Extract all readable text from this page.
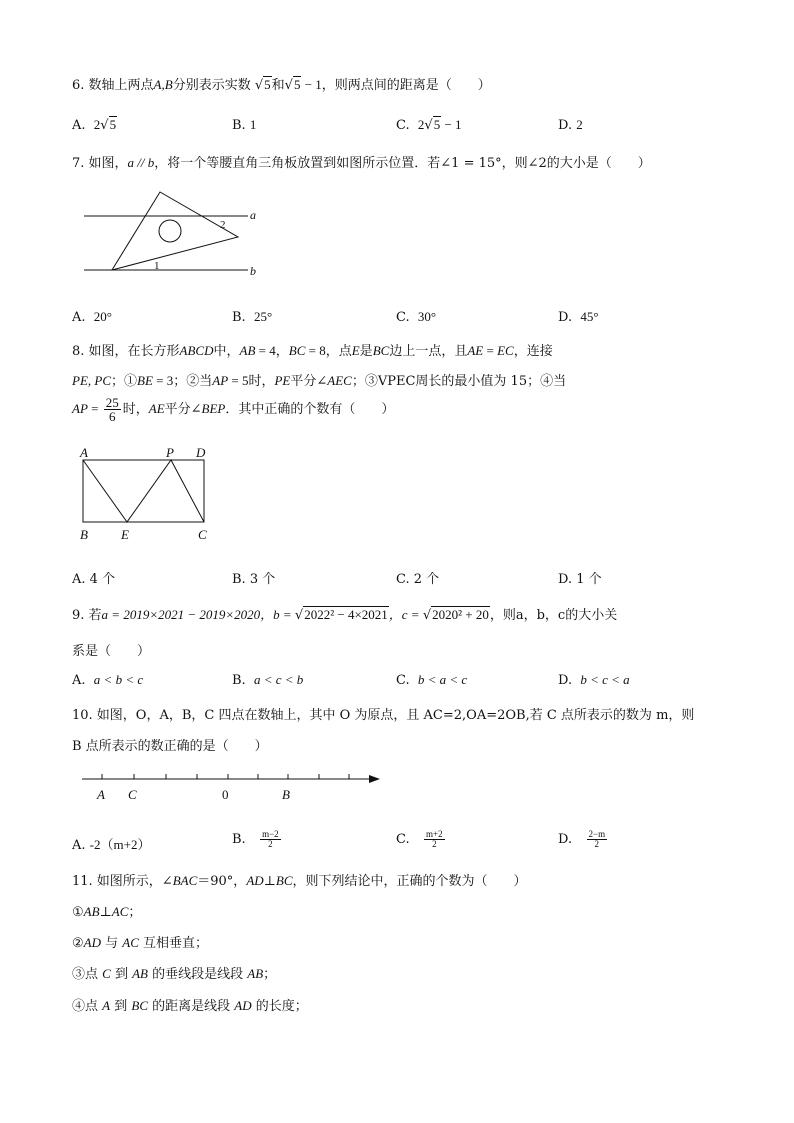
6. 数轴上两点A,B分别表示实数 √5和√5 − 1，则两点间的距离是（　　）
A. 2√5	B. 1	C. 2√5 − 1	D. 2
7. 如图，a // b，将一个等腰直角三角板放置到如图所示位置．若∠1 = 15°，则∠2的大小是（　　）
a
b
1
2
A. 20°	B. 25°	C. 30°	D. 45°
8. 如图，在长方形ABCD中，AB = 4，BC = 8，点E是BC边上一点，且AE = EC，连接
PE, PC；①BE = 3；②当AP = 5时，PE平分∠AEC；③VPEC周长的最小值为 15；④当
AP = $\frac{25}{6}$ 时，AE平分∠BEP．其中正确的个数有（　　）
A	P D
B	E	C
A. 4 个	B. 3 个	C. 2 个	D. 1 个
9. 若a = 2019×2021 − 2019×2020，b = √2022² − 4×2021，c = √2020² + 20，则a，b，c的大小关
系是（　　）
A. a < b < c	B. a < c < b	C. b < a < c	D. b < c < a
10. 如图，O，A，B，C 四点在数轴上，其中 O 为原点，且 AC=2,OA=2OB,若 C 点所表示的数为 m，则
B 点所表示的数正确的是（　　）
A C	0	B
A. -2（m+2）	B. $\frac{m-2}{2}$	C. $\frac{m+2}{2}$	D. $\frac{2-m}{2}$
11. 如图所示，∠BAC＝90°，AD⊥BC，则下列结论中，正确的个数为（　　）
①AB⊥AC；
②AD 与 AC 互相垂直；
③点 C 到 AB 的垂线段是线段 AB；
④点 A 到 BC 的距离是线段 AD 的长度；
